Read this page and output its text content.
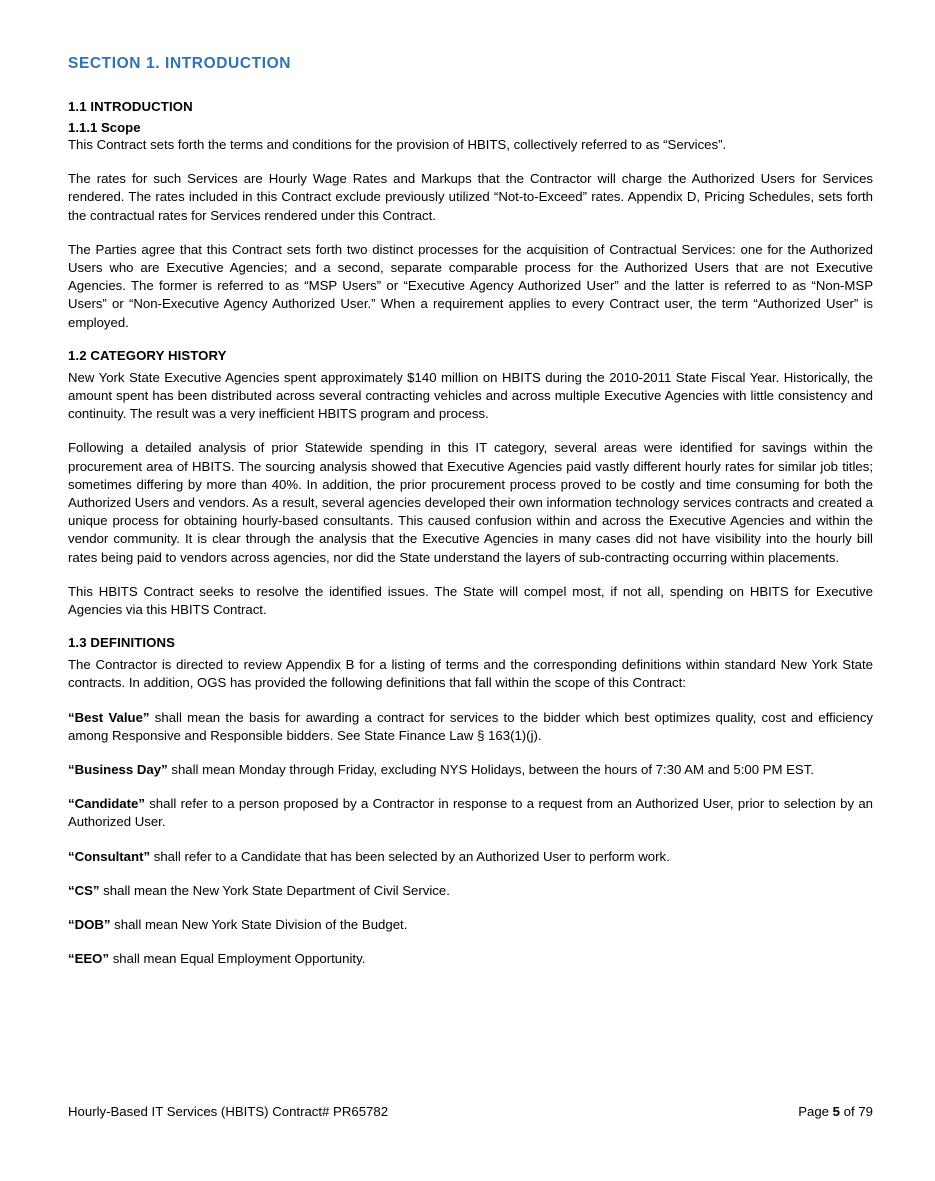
SECTION 1. INTRODUCTION
1.1 INTRODUCTION
1.1.1 Scope

This Contract sets forth the terms and conditions for the provision of HBITS, collectively referred to as “Services”.

The rates for such Services are Hourly Wage Rates and Markups that the Contractor will charge the Authorized Users for Services rendered. The rates included in this Contract exclude previously utilized “Not-to-Exceed” rates. Appendix D, Pricing Schedules, sets forth the contractual rates for Services rendered under this Contract.

The Parties agree that this Contract sets forth two distinct processes for the acquisition of Contractual Services: one for the Authorized Users who are Executive Agencies; and a second, separate comparable process for the Authorized Users that are not Executive Agencies. The former is referred to as “MSP Users” or “Executive Agency Authorized User” and the latter is referred to as “Non-MSP Users” or “Non-Executive Agency Authorized User.” When a requirement applies to every Contract user, the term “Authorized User” is employed.

1.2 CATEGORY HISTORY

New York State Executive Agencies spent approximately $140 million on HBITS during the 2010-2011 State Fiscal Year. Historically, the amount spent has been distributed across several contracting vehicles and across multiple Executive Agencies with little consistency and continuity. The result was a very inefficient HBITS program and process.

Following a detailed analysis of prior Statewide spending in this IT category, several areas were identified for savings within the procurement area of HBITS. The sourcing analysis showed that Executive Agencies paid vastly different hourly rates for similar job titles; sometimes differing by more than 40%. In addition, the prior procurement process proved to be costly and time consuming for both the Authorized Users and vendors. As a result, several agencies developed their own information technology services contracts and created a unique process for obtaining hourly-based consultants. This caused confusion within and across the Executive Agencies and within the vendor community. It is clear through the analysis that the Executive Agencies in many cases did not have visibility into the hourly bill rates being paid to vendors across agencies, nor did the State understand the layers of sub-contracting occurring within placements.

This HBITS Contract seeks to resolve the identified issues. The State will compel most, if not all, spending on HBITS for Executive Agencies via this HBITS Contract.

1.3 DEFINITIONS

The Contractor is directed to review Appendix B for a listing of terms and the corresponding definitions within standard New York State contracts. In addition, OGS has provided the following definitions that fall within the scope of this Contract:

“Best Value” shall mean the basis for awarding a contract for services to the bidder which best optimizes quality, cost and efficiency among Responsive and Responsible bidders. See State Finance Law § 163(1)(j).

“Business Day” shall mean Monday through Friday, excluding NYS Holidays, between the hours of 7:30 AM and 5:00 PM EST.

“Candidate” shall refer to a person proposed by a Contractor in response to a request from an Authorized User, prior to selection by an Authorized User.

“Consultant” shall refer to a Candidate that has been selected by an Authorized User to perform work.

“CS” shall mean the New York State Department of Civil Service.

“DOB” shall mean New York State Division of the Budget.

“EEO” shall mean Equal Employment Opportunity.

Hourly-Based IT Services (HBITS) Contract# PR65782	Page 5 of 79
